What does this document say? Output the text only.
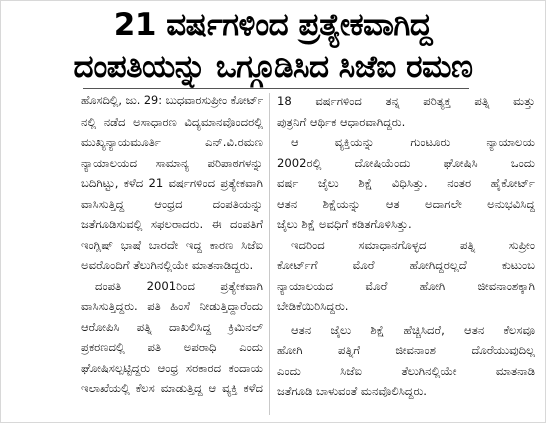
21 ವರ್ಷಗಳಿಂದ ಪ್ರತ್ಯೇಕವಾಗಿದ್ದ
ದಂಪತಿಯನ್ನು ಒಗ್ಗೂಡಿಸಿದ ಸಿಜೆಐ ರಮಣ
ಹೊಸದಿಲ್ಲಿ, ಜು. 29: ಬುಧವಾರಸುಪ್ರೀಂ ಕೋರ್ಟ್
ನಲ್ಲಿ ನಡೆದ ಅಸಾಧಾರಣ ವಿದ್ಯಮಾನವೊಂದರಲ್ಲಿ
ಮುಖ್ಯನ್ಯಾಯಮೂರ್ತಿ ಎನ್.ವಿ.ರಮಣ
ನ್ಯಾಯಾಲಯದ ಸಾಮಾನ್ಯ ಪರಿಪಾಠಗಳನ್ನು
ಬದಿಗಿಟ್ಟು, ಕಳೆದ 21 ವರ್ಷಗಳಿಂದ ಪ್ರತ್ಯೇಕವಾಗಿ
ವಾಸಿಸುತ್ತಿದ್ದ ಆಂಧ್ರದ ದಂಪತಿಯನ್ನು
ಜತೆಗೂಡಿಸುವಲ್ಲಿ ಸಫಲರಾದರು. ಈ ದಂಪತಿಗೆ
ಇಂಗ್ಲಿಷ್ ಭಾಷೆ ಬಾರದೇ ಇದ್ದ ಕಾರಣ ಸಿಜೆಐ
ಅವರೊಂದಿಗೆ ತೆಲುಗಿನಲ್ಲಿಯೇ ಮಾತನಾಡಿದ್ದರು.
ದಂಪತಿ 2001ರಿಂದ ಪ್ರತ್ಯೇಕವಾಗಿ
ವಾಸಿಸುತ್ತಿದ್ದರು. ಪತಿ ಹಿಂಸೆ ನೀಡುತ್ತಿದ್ದಾರೆಂದು
ಆರೋಪಿಸಿ ಪತ್ನಿ ದಾಖಲಿಸಿದ್ದ ಕ್ರಿಮಿನಲ್
ಪ್ರಕರಣದಲ್ಲಿ ಪತಿ ಅಪರಾಧಿ ಎಂದು
ಘೋಷಿಸಲ್ಪಟ್ಟಿದ್ದರು ಆಂಧ್ರ ಸರಕಾರದ ಕಂದಾಯ
ಇಲಾಖೆಯಲ್ಲಿ ಕೆಲಸ ಮಾಡುತ್ತಿದ್ದ ಆ ವ್ಯಕ್ತಿ ಕಳೆದ
18 ವರ್ಷಗಳಿಂದ ತನ್ನ ಪರಿತ್ಯಕ್ತ ಪತ್ನಿ ಮತ್ತು
ಪುತ್ರನಿಗೆ ಆರ್ಥಿಕ ಆಧಾರವಾಗಿದ್ದರು.
ಆ ವ್ಯಕ್ತಿಯನ್ನು ಗುಂಟೂರು ನ್ಯಾಯಾಲಯ
2002ರಲ್ಲಿ ದೋಷಿಯೆಂದು ಘೋಷಿಸಿ ಒಂದು
ವರ್ಷ ಜೈಲು ಶಿಕ್ಷೆ ವಿಧಿಸಿತ್ತು. ನಂತರ ಹೈಕೋರ್ಟ್
ಆತನ ಶಿಕ್ಷೆಯನ್ನು ಆತ ಅದಾಗಲೇ ಅನುಭವಿಸಿದ್ದ
ಜೈಲು ಶಿಕ್ಷೆ ಅವಧಿಗೆ ಕಡಿತಗೊಳಿಸಿತ್ತು.
ಇದರಿಂದ ಸಮಾಧಾನಗೊಳ್ಳದ ಪತ್ನಿ ಸುಪ್ರೀಂ
ಕೋರ್ಟ್‌ಗೆ ಮೊರೆ ಹೋಗಿದ್ದರಲ್ಲದೆ ಕುಟುಂಬ
ನ್ಯಾಯಾಲಯದ ಮೊರೆ ಹೋಗಿ ಜೀವನಾಂಶಕ್ಕಾಗಿ
ಬೇಡಿಕೆಯಿರಿಸಿದ್ದರು.
ಆತನ ಜೈಲು ಶಿಕ್ಷೆ ಹೆಚ್ಚಿಸಿದರೆ, ಆತನ ಕೆಲಸವೂ
ಹೋಗಿ ಪತ್ನಿಗೆ ಜೀವನಾಂಶ ದೊರೆಯುವುದಿಲ್ಲ
ಎಂದು ಸಿಜೆಐ ತೆಲುಗಿನಲ್ಲಿಯೇ ಮಾತನಾಡಿ
ಜತೆಗೂಡಿ ಬಾಳುವಂತೆ ಮನವೊಲಿಸಿದ್ದರು.
